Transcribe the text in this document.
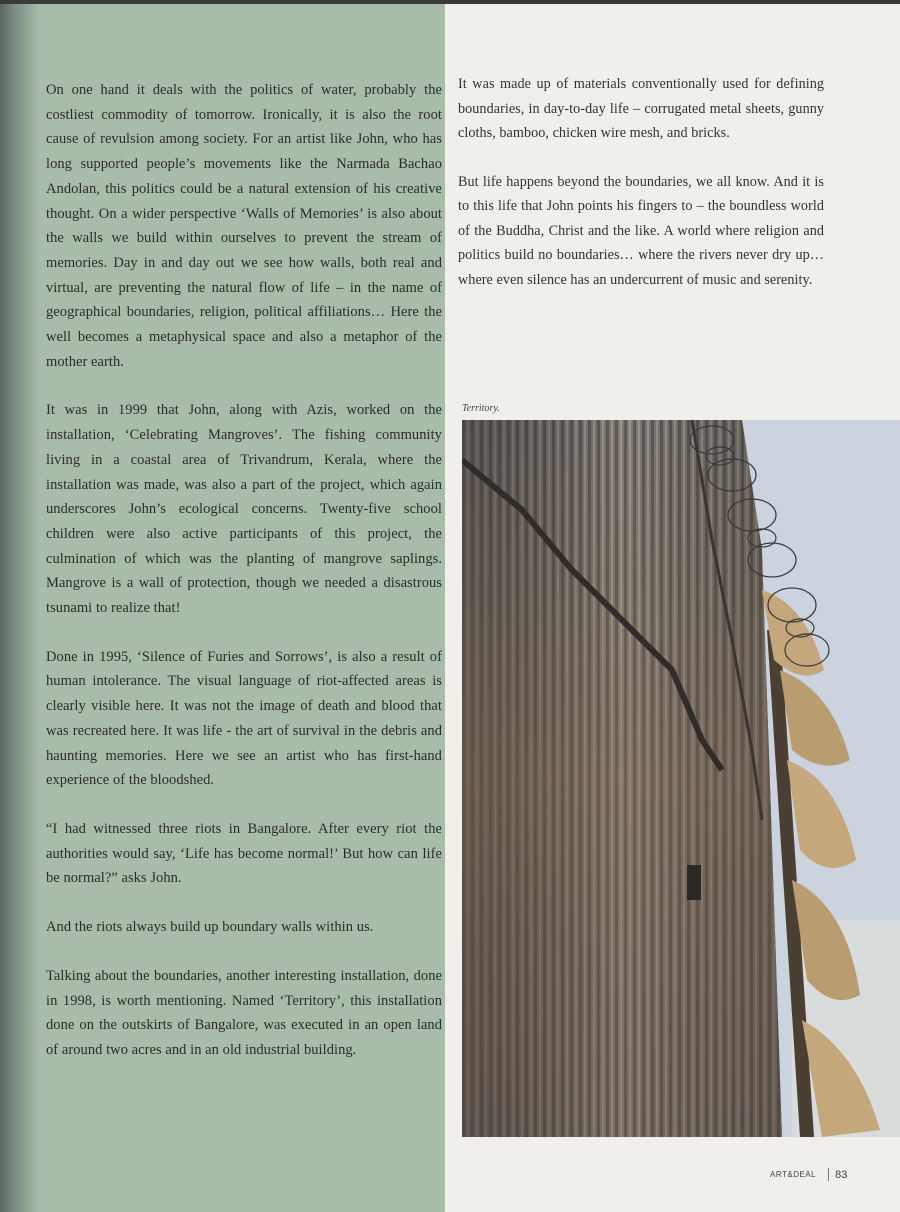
On one hand it deals with the politics of water, probably the costliest commodity of tomorrow. Ironically, it is also the root cause of revulsion among society. For an artist like John, who has long supported people’s movements like the Narmada Bachao Andolan, this politics could be a natural extension of his creative thought. On a wider perspective ‘Walls of Memories’ is also about the walls we build within ourselves to prevent the stream of memories. Day in and day out we see how walls, both real and virtual, are preventing the natural flow of life – in the name of geographical boundaries, religion, political affiliations… Here the well becomes a metaphysical space and also a metaphor of the mother earth.

It was in 1999 that John, along with Azis, worked on the installation, ‘Celebrating Mangroves’. The fishing community living in a coastal area of Trivandrum, Kerala, where the installation was made, was also a part of the project, which again underscores John’s ecological concerns. Twenty-five school children were also active participants of this project, the culmination of which was the planting of mangrove saplings. Mangrove is a wall of protection, though we needed a disastrous tsunami to realize that!

Done in 1995, ‘Silence of Furies and Sorrows’, is also a result of human intolerance. The visual language of riot-affected areas is clearly visible here. It was not the image of death and blood that was recreated here. It was life - the art of survival in the debris and haunting memories. Here we see an artist who has first-hand experience of the bloodshed.

“I had witnessed three riots in Bangalore. After every riot the authorities would say, ‘Life has become normal!’ But how can life be normal?” asks John.

And the riots always build up boundary walls within us.

Talking about the boundaries, another interesting installation, done in 1998, is worth mentioning. Named ‘Territory’, this installation done on the outskirts of Bangalore, was executed in an open land of around two acres and in an old industrial building.

It was made up of materials conventionally used for defining boundaries, in day-to-day life – corrugated metal sheets, gunny cloths, bamboo, chicken wire mesh, and bricks.

But life happens beyond the boundaries, we all know. And it is to this life that John points his fingers to – the boundless world of the Buddha, Christ and the like. A world where religion and politics build no boundaries… where the rivers never dry up… where even silence has an undercurrent of music and serenity.

Territory.
ART&DEAL 83
